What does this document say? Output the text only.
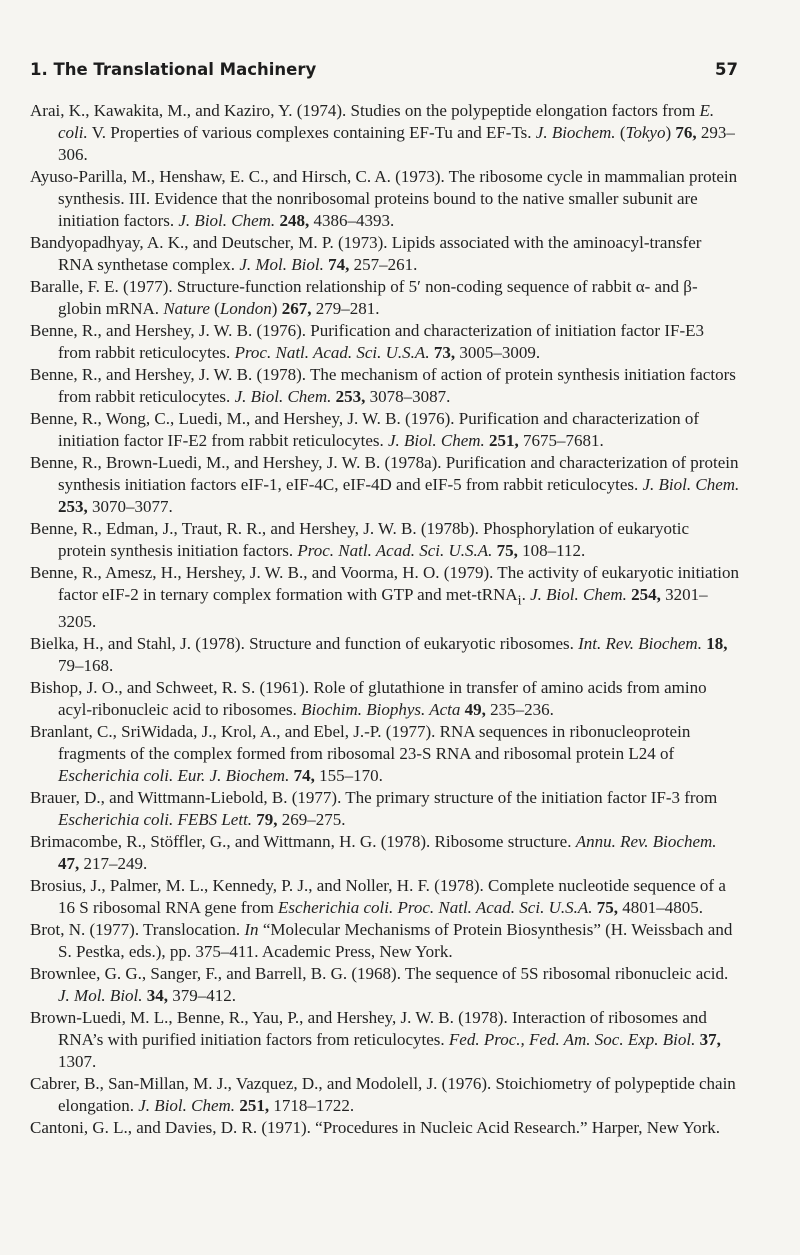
1. The Translational Machinery	57

Arai, K., Kawakita, M., and Kaziro, Y. (1974). Studies on the polypeptide elongation factors from E. coli. V. Properties of various complexes containing EF-Tu and EF-Ts. J. Biochem. (Tokyo) 76, 293–306.

Ayuso-Parilla, M., Henshaw, E. C., and Hirsch, C. A. (1973). The ribosome cycle in mammalian protein synthesis. III. Evidence that the nonribosomal proteins bound to the native smaller subunit are initiation factors. J. Biol. Chem. 248, 4386–4393.

Bandyopadhyay, A. K., and Deutscher, M. P. (1973). Lipids associated with the aminoacyl-transfer RNA synthetase complex. J. Mol. Biol. 74, 257–261.

Baralle, F. E. (1977). Structure-function relationship of 5′ non-coding sequence of rabbit α- and β-globin mRNA. Nature (London) 267, 279–281.

Benne, R., and Hershey, J. W. B. (1976). Purification and characterization of initiation factor IF-E3 from rabbit reticulocytes. Proc. Natl. Acad. Sci. U.S.A. 73, 3005–3009.

Benne, R., and Hershey, J. W. B. (1978). The mechanism of action of protein synthesis initiation factors from rabbit reticulocytes. J. Biol. Chem. 253, 3078–3087.

Benne, R., Wong, C., Luedi, M., and Hershey, J. W. B. (1976). Purification and characterization of initiation factor IF-E2 from rabbit reticulocytes. J. Biol. Chem. 251, 7675–7681.

Benne, R., Brown-Luedi, M., and Hershey, J. W. B. (1978a). Purification and characterization of protein synthesis initiation factors eIF-1, eIF-4C, eIF-4D and eIF-5 from rabbit reticulocytes. J. Biol. Chem. 253, 3070–3077.

Benne, R., Edman, J., Traut, R. R., and Hershey, J. W. B. (1978b). Phosphorylation of eukaryotic protein synthesis initiation factors. Proc. Natl. Acad. Sci. U.S.A. 75, 108–112.

Benne, R., Amesz, H., Hershey, J. W. B., and Voorma, H. O. (1979). The activity of eukaryotic initiation factor eIF-2 in ternary complex formation with GTP and met-tRNA$_i$. J. Biol. Chem. 254, 3201–3205.

Bielka, H., and Stahl, J. (1978). Structure and function of eukaryotic ribosomes. Int. Rev. Biochem. 18, 79–168.

Bishop, J. O., and Schweet, R. S. (1961). Role of glutathione in transfer of amino acids from amino acyl-ribonucleic acid to ribosomes. Biochim. Biophys. Acta 49, 235–236.

Branlant, C., SriWidada, J., Krol, A., and Ebel, J.-P. (1977). RNA sequences in ribonucleoprotein fragments of the complex formed from ribosomal 23-S RNA and ribosomal protein L24 of Escherichia coli. Eur. J. Biochem. 74, 155–170.

Brauer, D., and Wittmann-Liebold, B. (1977). The primary structure of the initiation factor IF-3 from Escherichia coli. FEBS Lett. 79, 269–275.

Brimacombe, R., Stöffler, G., and Wittmann, H. G. (1978). Ribosome structure. Annu. Rev. Biochem. 47, 217–249.

Brosius, J., Palmer, M. L., Kennedy, P. J., and Noller, H. F. (1978). Complete nucleotide sequence of a 16 S ribosomal RNA gene from Escherichia coli. Proc. Natl. Acad. Sci. U.S.A. 75, 4801–4805.

Brot, N. (1977). Translocation. In “Molecular Mechanisms of Protein Biosynthesis” (H. Weissbach and S. Pestka, eds.), pp. 375–411. Academic Press, New York.

Brownlee, G. G., Sanger, F., and Barrell, B. G. (1968). The sequence of 5S ribosomal ribonucleic acid. J. Mol. Biol. 34, 379–412.

Brown-Luedi, M. L., Benne, R., Yau, P., and Hershey, J. W. B. (1978). Interaction of ribosomes and RNA’s with purified initiation factors from reticulocytes. Fed. Proc., Fed. Am. Soc. Exp. Biol. 37, 1307.

Cabrer, B., San-Millan, M. J., Vazquez, D., and Modolell, J. (1976). Stoichiometry of polypeptide chain elongation. J. Biol. Chem. 251, 1718–1722.

Cantoni, G. L., and Davies, D. R. (1971). “Procedures in Nucleic Acid Research.” Harper, New York.
